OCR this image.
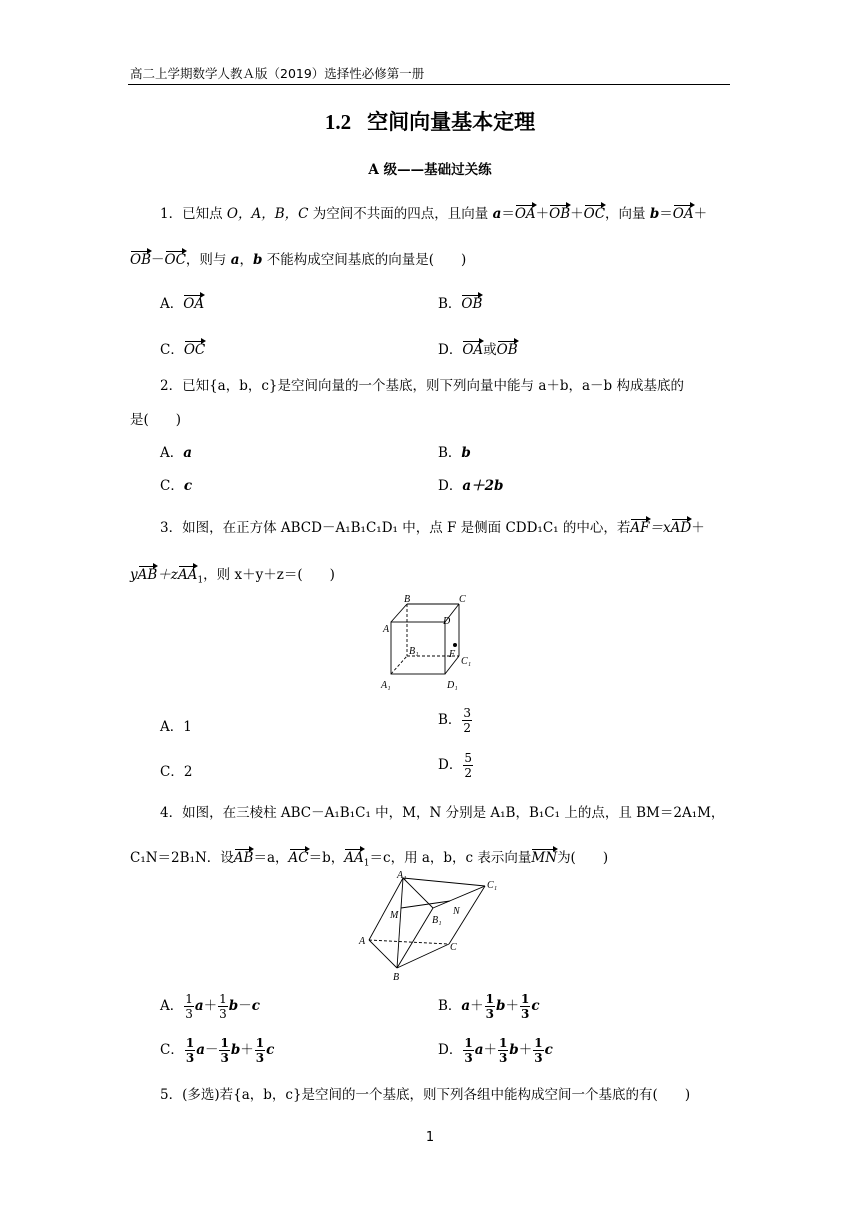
高二上学期数学人教Ａ版（2019）选择性必修第一册
1.2 空间向量基本定理
A 级——基础过关练
1．已知点 O，A，B，C 为空间不共面的四点，且向量 a＝OA＋OB＋OC，向量 b＝OA＋
OB－OC，则与 a，b 不能构成空间基底的向量是(　　)
A．OA	B．OB
C．OC	D．OA或OB
2．已知{a，b，c}是空间向量的一个基底，则下列向量中能与 a＋b，a－b 构成基底的
是(　　)
A．a	B．b
C．c	D．a＋2b
3．如图，在正方体 ABCD－A₁B₁C₁D₁ 中，点 F 是侧面 CDD₁C₁ 的中心，若AF＝xAD＋
yAB＋zAA$_1$，则 x＋y＋z＝(　　)
B	C
A
D
B₁	F
C₁
A₁	D₁
A．1	B． $\frac{3}{2}$
C．2	D． $\frac{5}{2}$
4．如图，在三棱柱 ABC－A₁B₁C₁ 中，M，N 分别是 A₁B，B₁C₁ 上的点，且 BM＝2A₁M，
C₁N＝2B₁N．设AB＝a，AC＝b，$AA_1=c$，用 a，b，c 表示向量MN为(　　)
A₁
C₁
M	N
B₁
A
C
B
A． $\frac{1}{3} a+ \frac{1}{3} b-c$	B．$a+ \frac{1}{3} b+ \frac{1}{3}$ c
C． $\frac{1}{3} a- \frac{1}{3} b+ \frac{1}{3}$ c	D． $\frac{1}{3} a+ \frac{1}{3} b+ \frac{1}{3}$ c
5．(多选)若{a，b，c}是空间的一个基底，则下列各组中能构成空间一个基底的有(　　)
1
